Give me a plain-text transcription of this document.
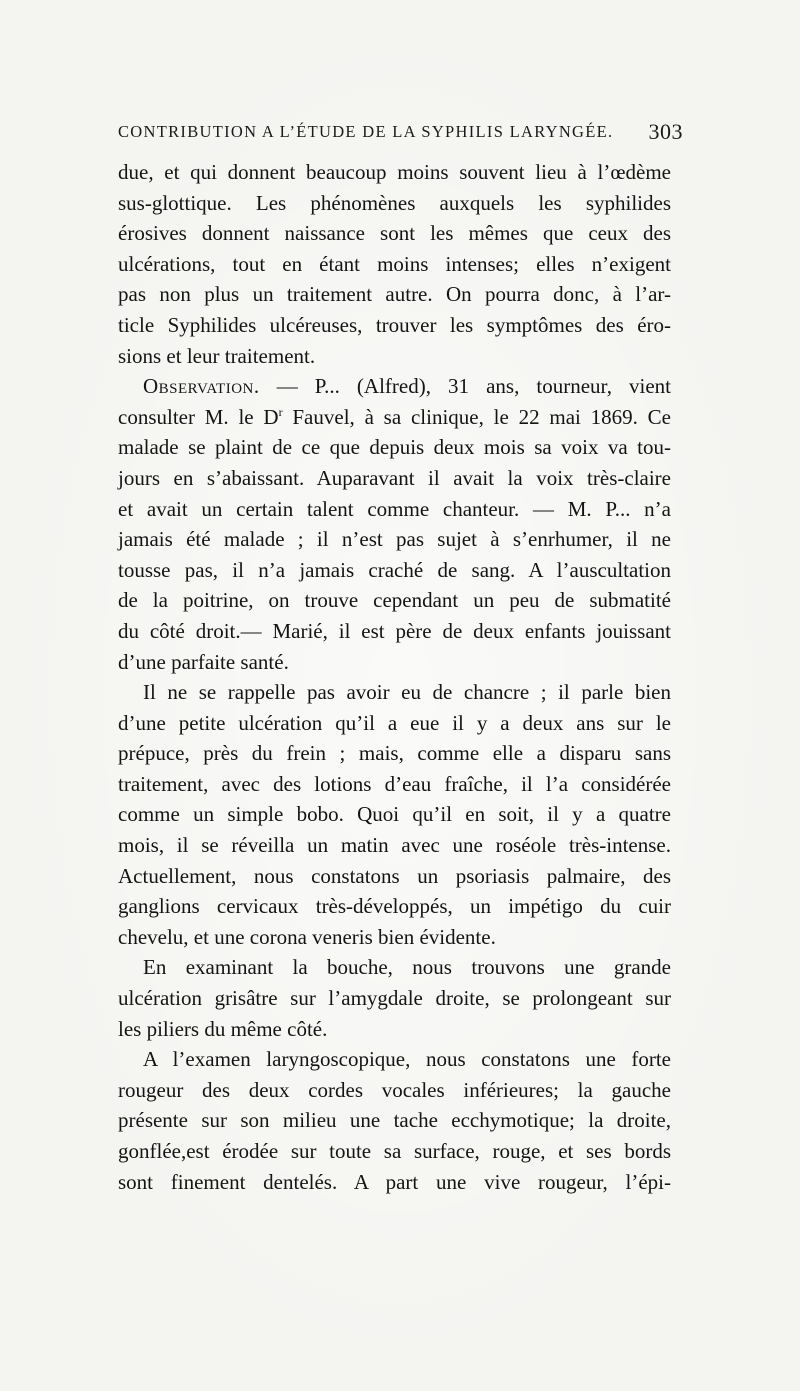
CONTRIBUTION A L’ÉTUDE DE LA SYPHILIS LARYNGÉE. 303
due, et qui donnent beaucoup moins souvent lieu à l’œdème
sus-glottique. Les phénomènes auxquels les syphilides
érosives donnent naissance sont les mêmes que ceux des
ulcérations, tout en étant moins intenses; elles n’exigent
pas non plus un traitement autre. On pourra donc, à l’ar-
ticle Syphilides ulcéreuses, trouver les symptômes des éro-
sions et leur traitement.
Observation. — P... (Alfred), 31 ans, tourneur, vient
consulter M. le $D^r$ Fauvel, à sa clinique, le 22 mai 1869. Ce
malade se plaint de ce que depuis deux mois sa voix va tou-
jours en s’abaissant. Auparavant il avait la voix très-claire
et avait un certain talent comme chanteur. — M. P... n’a
jamais été malade ; il n’est pas sujet à s’enrhumer, il ne
tousse pas, il n’a jamais craché de sang. A l’auscultation
de la poitrine, on trouve cependant un peu de submatité
du côté droit.— Marié, il est père de deux enfants jouissant
d’une parfaite santé.
Il ne se rappelle pas avoir eu de chancre ; il parle bien
d’une petite ulcération qu’il a eue il y a deux ans sur le
prépuce, près du frein ; mais, comme elle a disparu sans
traitement, avec des lotions d’eau fraîche, il l’a considérée
comme un simple bobo. Quoi qu’il en soit, il y a quatre
mois, il se réveilla un matin avec une roséole très-intense.
Actuellement, nous constatons un psoriasis palmaire, des
ganglions cervicaux très-développés, un impétigo du cuir
chevelu, et une corona veneris bien évidente.
En examinant la bouche, nous trouvons une grande
ulcération grisâtre sur l’amygdale droite, se prolongeant sur
les piliers du même côté.
A l’examen laryngoscopique, nous constatons une forte
rougeur des deux cordes vocales inférieures; la gauche
présente sur son milieu une tache ecchymotique; la droite,
gonflée,est érodée sur toute sa surface, rouge, et ses bords
sont finement dentelés. A part une vive rougeur, l’épi-
